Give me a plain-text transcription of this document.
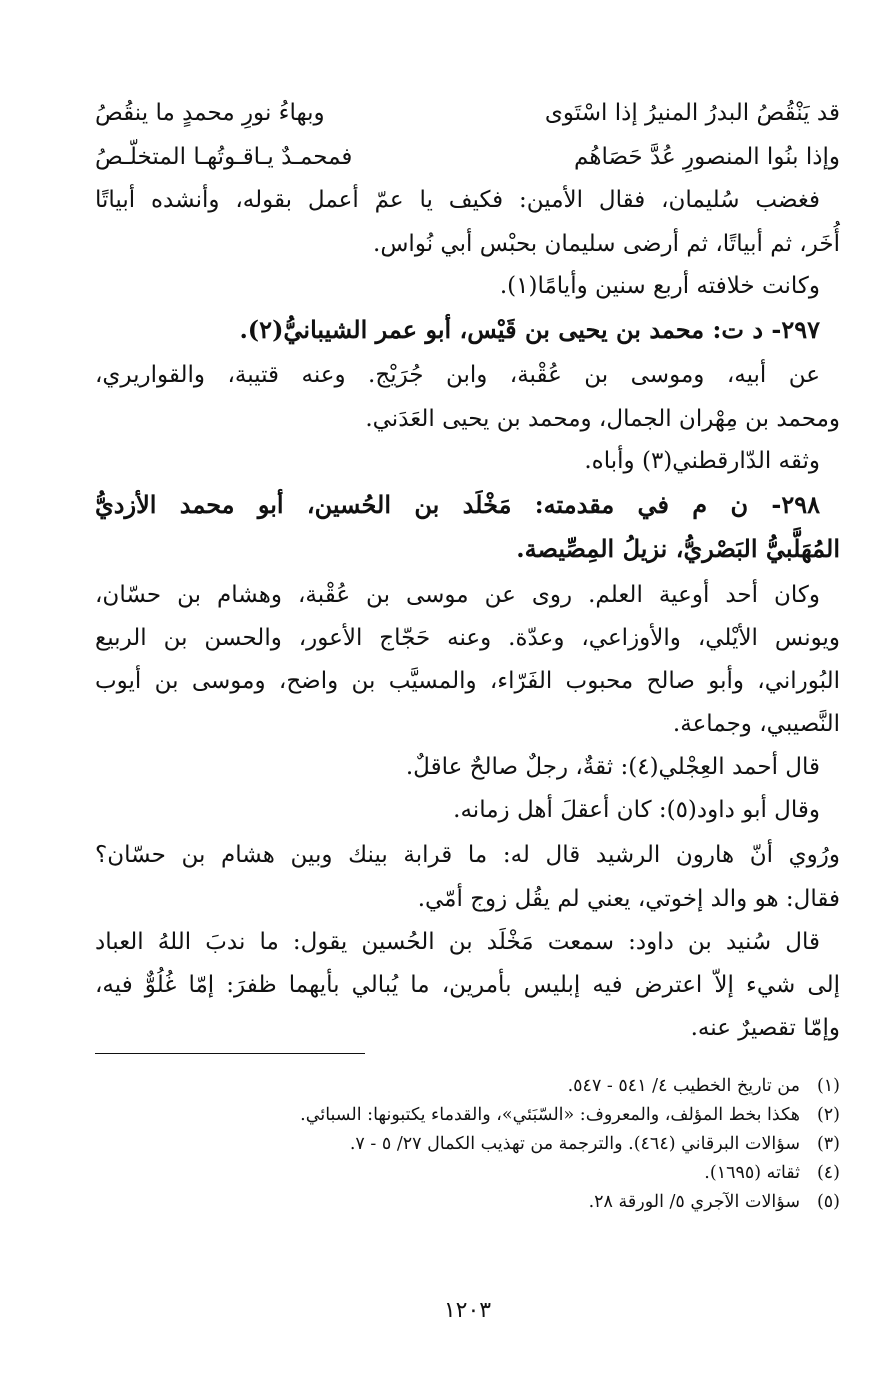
قد يَنْقُصُ البدرُ المنيرُ إذا اسْتَوى
وبهاءُ نورِ محمدٍ ما ينقُصُ
وإذا بنُوا المنصورِ عُدَّ حَصَاهُم
فمحمـدٌ يـاقـوتُهـا المتخلّـصُ
فغضب سُليمان، فقال الأمين: فكيف يا عمّ أعمل بقوله، وأنشده أبياتًا
أُخَر، ثم أبياتًا، ثم أرضى سليمان بحبْس أبي نُواس.
وكانت خلافته أربع سنين وأيامًا(١).
٢٩٧- د ت: محمد بن يحيى بن قَيْس، أبو عمر الشيبانيُّ(٢).
عن أبيه، وموسى بن عُقْبة، وابن جُرَيْج. وعنه قتيبة، والقواريري،
ومحمد بن مِهْران الجمال، ومحمد بن يحيى العَدَني.
وثقه الدّارقطني(٣) وأباه.
٢٩٨- ن م في مقدمته: مَخْلَد بن الحُسين، أبو محمد الأزديُّ
المُهَلَّبيُّ البَصْريُّ، نزيلُ المِصِّيصة.
وكان أحد أوعية العلم. روى عن موسى بن عُقْبة، وهشام بن حسّان،
ويونس الأيْلي، والأوزاعي، وعدّة. وعنه حَجّاج الأعور، والحسن بن الربيع
البُوراني، وأبو صالح محبوب الفَرّاء، والمسيَّب بن واضح، وموسى بن أيوب
النَّصيبي، وجماعة.
قال أحمد العِجْلي(٤): ثقةٌ، رجلٌ صالحٌ عاقلٌ.
وقال أبو داود(٥): كان أعقلَ أهل زمانه.
ورُوي أنّ هارون الرشيد قال له: ما قرابة بينك وبين هشام بن حسّان؟
فقال: هو والد إخوتي، يعني لم يقُل زوج أمّي.
قال سُنيد بن داود: سمعت مَخْلَد بن الحُسين يقول: ما ندبَ اللهُ العباد
إلى شيء إلاّ اعترض فيه إبليس بأمرين، ما يُبالي بأيهما ظفرَ: إمّا غُلُوٌّ فيه،
وإمّا تقصيرٌ عنه.
(١)من تاريخ الخطيب ٤/ ٥٤١ - ٥٤٧.
(٢)هكذا بخط المؤلف، والمعروف: «السّبَئي»، والقدماء يكتبونها: السبائي.
(٣)سؤالات البرقاني (٤٦٤). والترجمة من تهذيب الكمال ٢٧/ ٥ - ٧.
(٤)ثقاته (١٦٩٥).
(٥)سؤالات الآجري ٥/ الورقة ٢٨.
١٢٠٣
